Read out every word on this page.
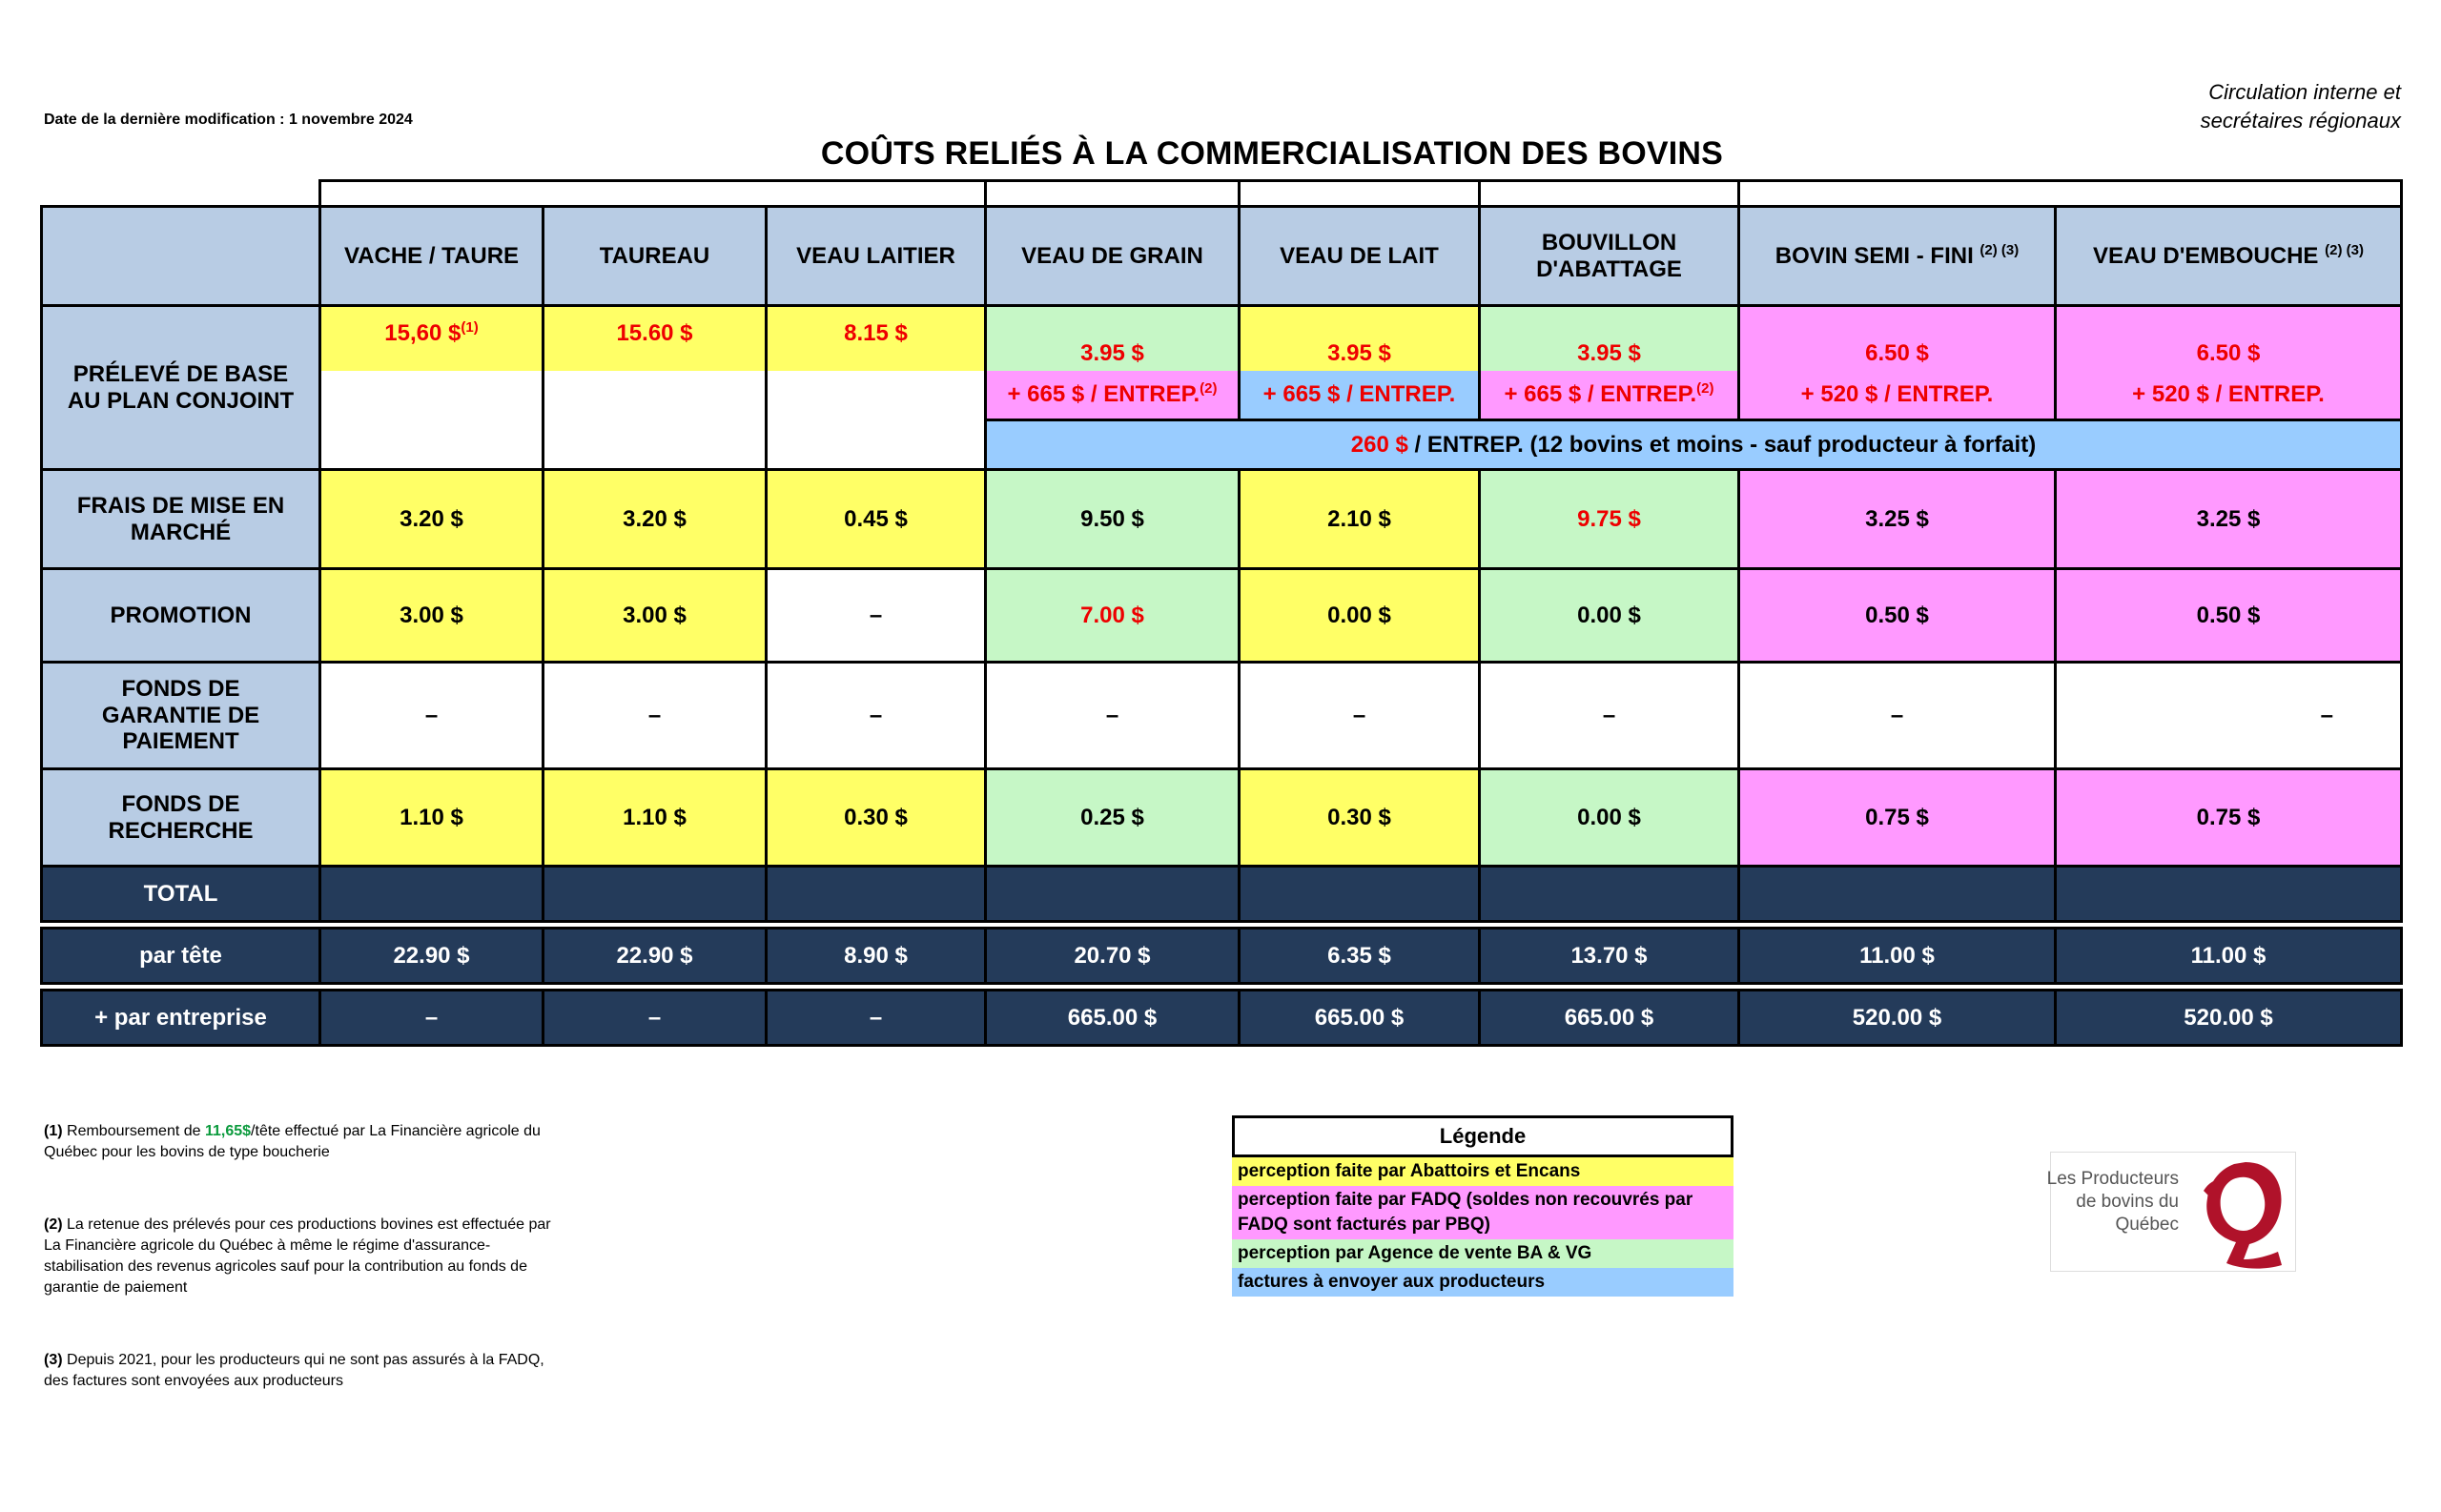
Date de la dernière modification : 1 novembre 2024
Circulation interne et
secrétaires régionaux
COÛTS RELIÉS À LA COMMERCIALISATION DES BOVINS

	VACHE / TAURE	TAUREAU	VEAU LAITIER	VEAU DE GRAIN	VEAU DE LAIT	BOUVILLON
D'ABATTAGE	BOVIN SEMI - FINI $^{(2) (3)}$	VEAU D'EMBOUCHE $^{(2) (3)}$

PRÉLEVÉ DE BASE
AU PLAN CONJOINT	15,60 \$$^{(1)}$	15.60 $	8.15 $	3.95 $	3.95 $	3.95 $	6.50 $	6.50 $
				+ 665 $ / ENTREP.$^{(2)}$	+ 665 $ / ENTREP.	+ 665 $ / ENTREP.$^{(2)}$	+ 520 $ / ENTREP.	+ 520 $ / ENTREP.
				260 $ / ENTREP. (12 bovins et moins - sauf producteur à forfait)				

FRAIS DE MISE EN
MARCHÉ	3.20 $	3.20 $	0.45 $	9.50 $	2.10 $	9.75 $	3.25 $	3.25 $
PROMOTION	3.00 $	3.00 $	–	7.00 $	0.00 $	0.00 $	0.50 $	0.50 $

FONDS DE
GARANTIE DE
PAIEMENT	–	–	–	–	–	–	–	–

FONDS DE
RECHERCHE	1.10 $	1.10 $	0.30 $	0.25 $	0.30 $	0.00 $	0.75 $	0.75 $
TOTAL								

par tête	22.90 $	22.90 $	8.90 $	20.70 $	6.35 $	13.70 $	11.00 $	11.00 $

+ par entreprise	–	–	–	665.00 $	665.00 $	665.00 $	520.00 $	520.00 $
(1) Remboursement de 11,65$/tête effectué par La Financière agricole du Québec pour les bovins de type boucherie
(2) La retenue des prélevés pour ces productions bovines est effectuée par La Financière agricole du Québec à même le régime d'assurance-stabilisation des revenus agricoles sauf pour la contribution au fonds de garantie de paiement
(3) Depuis 2021, pour les producteurs qui ne sont pas assurés à la FADQ, des factures sont envoyées aux producteurs
Légende
perception faite par Abattoirs et Encans
perception faite par FADQ (soldes non recouvrés par FADQ sont facturés par PBQ)
perception par Agence de vente BA & VG
factures à envoyer aux producteurs
Les Producteurs
de bovins du
Québec
